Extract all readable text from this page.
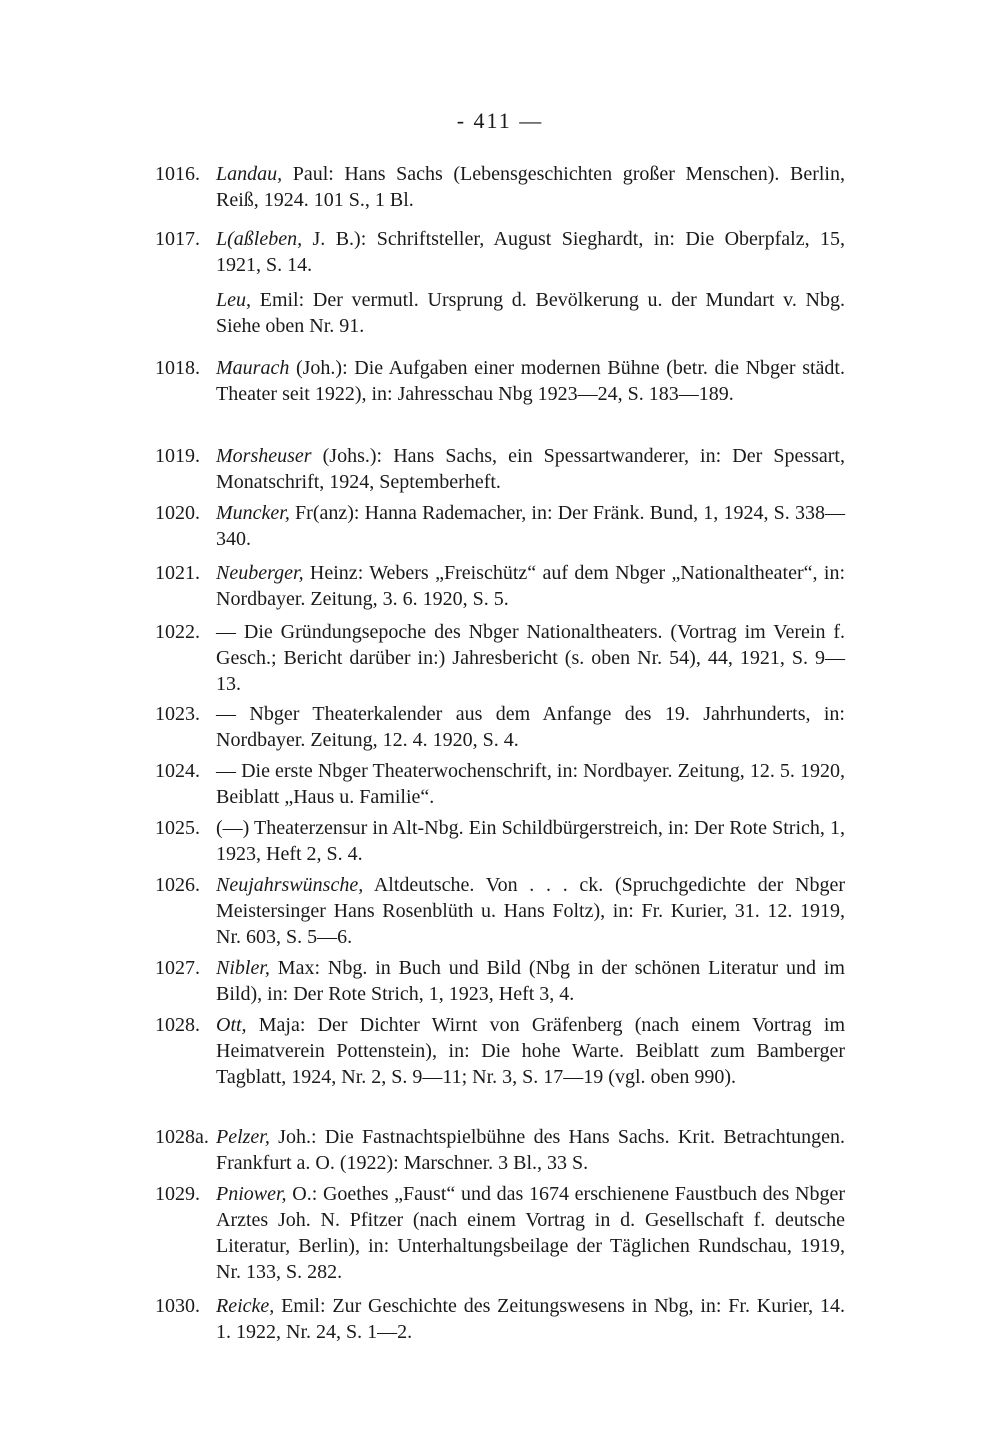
- 411 —
1016. Landau, Paul: Hans Sachs (Lebensgeschichten großer Menschen). Berlin, Reiß, 1924. 101 S., 1 Bl.
1017. L(aßleben, J. B.): Schriftsteller, August Sieghardt, in: Die Oberpfalz, 15, 1921, S. 14.
Leu, Emil: Der vermutl. Ursprung d. Bevölkerung u. der Mundart v. Nbg. Siehe oben Nr. 91.
1018. Maurach (Joh.): Die Aufgaben einer modernen Bühne (betr. die Nbger städt. Theater seit 1922), in: Jahresschau Nbg 1923—24, S. 183—189.
1019. Morsheuser (Johs.): Hans Sachs, ein Spessartwanderer, in: Der Spessart, Monatschrift, 1924, Septemberheft.
1020. Muncker, Fr(anz): Hanna Rademacher, in: Der Fränk. Bund, 1, 1924, S. 338—340.
1021. Neuberger, Heinz: Webers „Freischütz“ auf dem Nbger „Nationaltheater“, in: Nordbayer. Zeitung, 3. 6. 1920, S. 5.
1022. — Die Gründungsepoche des Nbger Nationaltheaters. (Vortrag im Verein f. Gesch.; Bericht darüber in:) Jahresbericht (s. oben Nr. 54), 44, 1921, S. 9—13.
1023. — Nbger Theaterkalender aus dem Anfange des 19. Jahrhunderts, in: Nordbayer. Zeitung, 12. 4. 1920, S. 4.
1024. — Die erste Nbger Theaterwochenschrift, in: Nordbayer. Zeitung, 12. 5. 1920, Beiblatt „Haus u. Familie“.
1025. (—) Theaterzensur in Alt-Nbg. Ein Schildbürgerstreich, in: Der Rote Strich, 1, 1923, Heft 2, S. 4.
1026. Neujahrswünsche, Altdeutsche. Von . . . ck. (Spruchgedichte der Nbger Meistersinger Hans Rosenblüth u. Hans Foltz), in: Fr. Kurier, 31. 12. 1919, Nr. 603, S. 5—6.
1027. Nibler, Max: Nbg. in Buch und Bild (Nbg in der schönen Literatur und im Bild), in: Der Rote Strich, 1, 1923, Heft 3, 4.
1028. Ott, Maja: Der Dichter Wirnt von Gräfenberg (nach einem Vortrag im Heimatverein Pottenstein), in: Die hohe Warte. Beiblatt zum Bamberger Tagblatt, 1924, Nr. 2, S. 9—11; Nr. 3, S. 17—19 (vgl. oben 990).
1028a. Pelzer, Joh.: Die Fastnachtspielbühne des Hans Sachs. Krit. Betrachtungen. Frankfurt a. O. (1922): Marschner. 3 Bl., 33 S.
1029. Pniower, O.: Goethes „Faust“ und das 1674 erschienene Faustbuch des Nbger Arztes Joh. N. Pfitzer (nach einem Vortrag in d. Gesellschaft f. deutsche Literatur, Berlin), in: Unterhaltungsbeilage der Täglichen Rundschau, 1919, Nr. 133, S. 282.
1030. Reicke, Emil: Zur Geschichte des Zeitungswesens in Nbg, in: Fr. Kurier, 14. 1. 1922, Nr. 24, S. 1—2.
